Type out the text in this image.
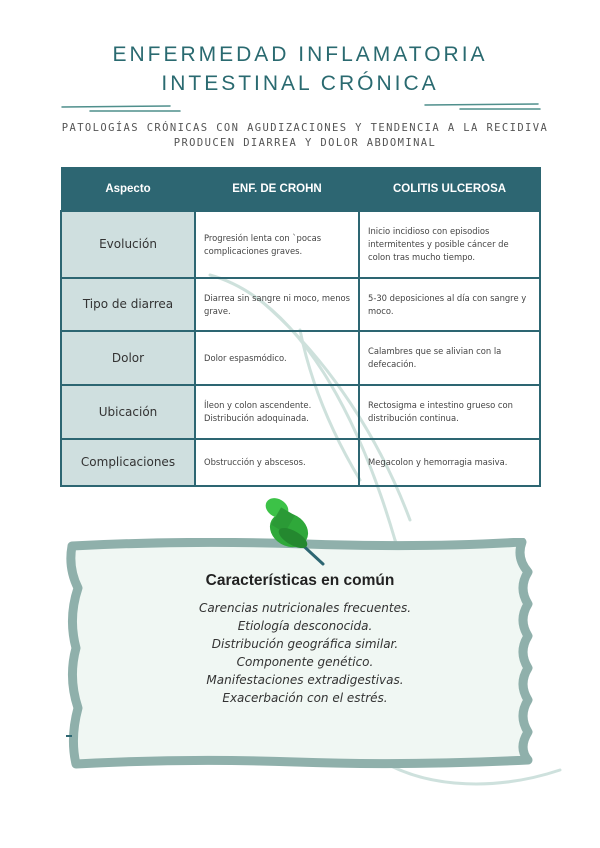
ENFERMEDAD INFLAMATORIA
INTESTINAL CRÓNICA
PATOLOGÍAS CRÓNICAS CON AGUDIZACIONES Y TENDENCIA A LA RECIDIVA
PRODUCEN DIARREA Y DOLOR ABDOMINAL
Aspecto	ENF. DE CROHN	COLITIS ULCEROSA
Evolución	Progresión lenta con `pocas complicaciones graves.	Inicio incidioso con episodios intermitentes y posible cáncer de colon tras mucho tiempo.
Tipo de diarrea	Diarrea sin sangre ni moco, menos grave.	5-30 deposiciones al día con sangre y moco.
Dolor	Dolor espasmódico.	Calambres que se alivian con la defecación.
Ubicación	Íleon y colon ascendente. Distribución adoquinada.	Rectosigma e intestino grueso con distribución continua.
Complicaciones	Obstrucción y abscesos.	Megacolon y hemorragia masiva.
Características en común
Carencias nutricionales frecuentes.
Etiología desconocida.
Distribución geográfica similar.
Componente genético.
Manifestaciones extradigestivas.
Exacerbación con el estrés.
